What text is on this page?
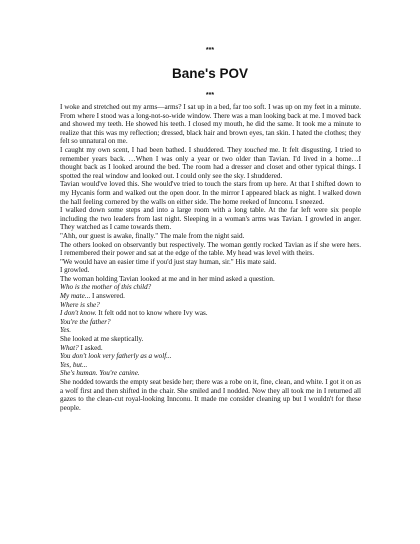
***
Bane's POV
***

I woke and stretched out my arms—arms? I sat up in a bed, far too soft. I was up on my feet in a minute. From where I stood was a long-not-so-wide window. There was a man looking back at me. I moved back and showed my teeth. He showed his teeth. I closed my mouth, he did the same. It took me a minute to realize that this was my reflection; dressed, black hair and brown eyes, tan skin. I hated the clothes; they felt so unnatural on me.

I caught my own scent, I had been bathed. I shuddered. They touched me. It felt disgusting. I tried to remember years back. …When I was only a year or two older than Tavian. I'd lived in a home…I thought back as I looked around the bed. The room had a dresser and closet and other typical things. I spotted the real window and looked out. I could only see the sky. I shuddered.

Tavian would've loved this. She would've tried to touch the stars from up here. At that I shifted down to my Hycanis form and walked out the open door. In the mirror I appeared black as night. I walked down the hall feeling cornered by the walls on either side. The home reeked of Innconu. I sneezed.

I walked down some steps and into a large room with a long table. At the far left were six people including the two leaders from last night. Sleeping in a woman's arms was Tavian. I growled in anger. They watched as I came towards them.

"Ahh, our guest is awake, finally." The male from the night said.

The others looked on observantly but respectively. The woman gently rocked Tavian as if she were hers. I remembered their power and sat at the edge of the table. My head was level with theirs.

"We would have an easier time if you'd just stay human, sir." His mate said.

I growled.

The woman holding Tavian looked at me and in her mind asked a question.

Who is the mother of this child?

My mate... I answered.

Where is she?

I don't know. It felt odd not to know where Ivy was.

You're the father?

Yes.

She looked at me skeptically.

What? I asked.

You don't look very fatherly as a wolf...

Yes, but...

She's human. You're canine.

She nodded towards the empty seat beside her; there was a robe on it, fine, clean, and white. I got it on as a wolf first and then shifted in the chair. She smiled and I nodded. Now they all took me in I returned all gazes to the clean-cut royal-looking Innconu. It made me consider cleaning up but I wouldn't for these people.
